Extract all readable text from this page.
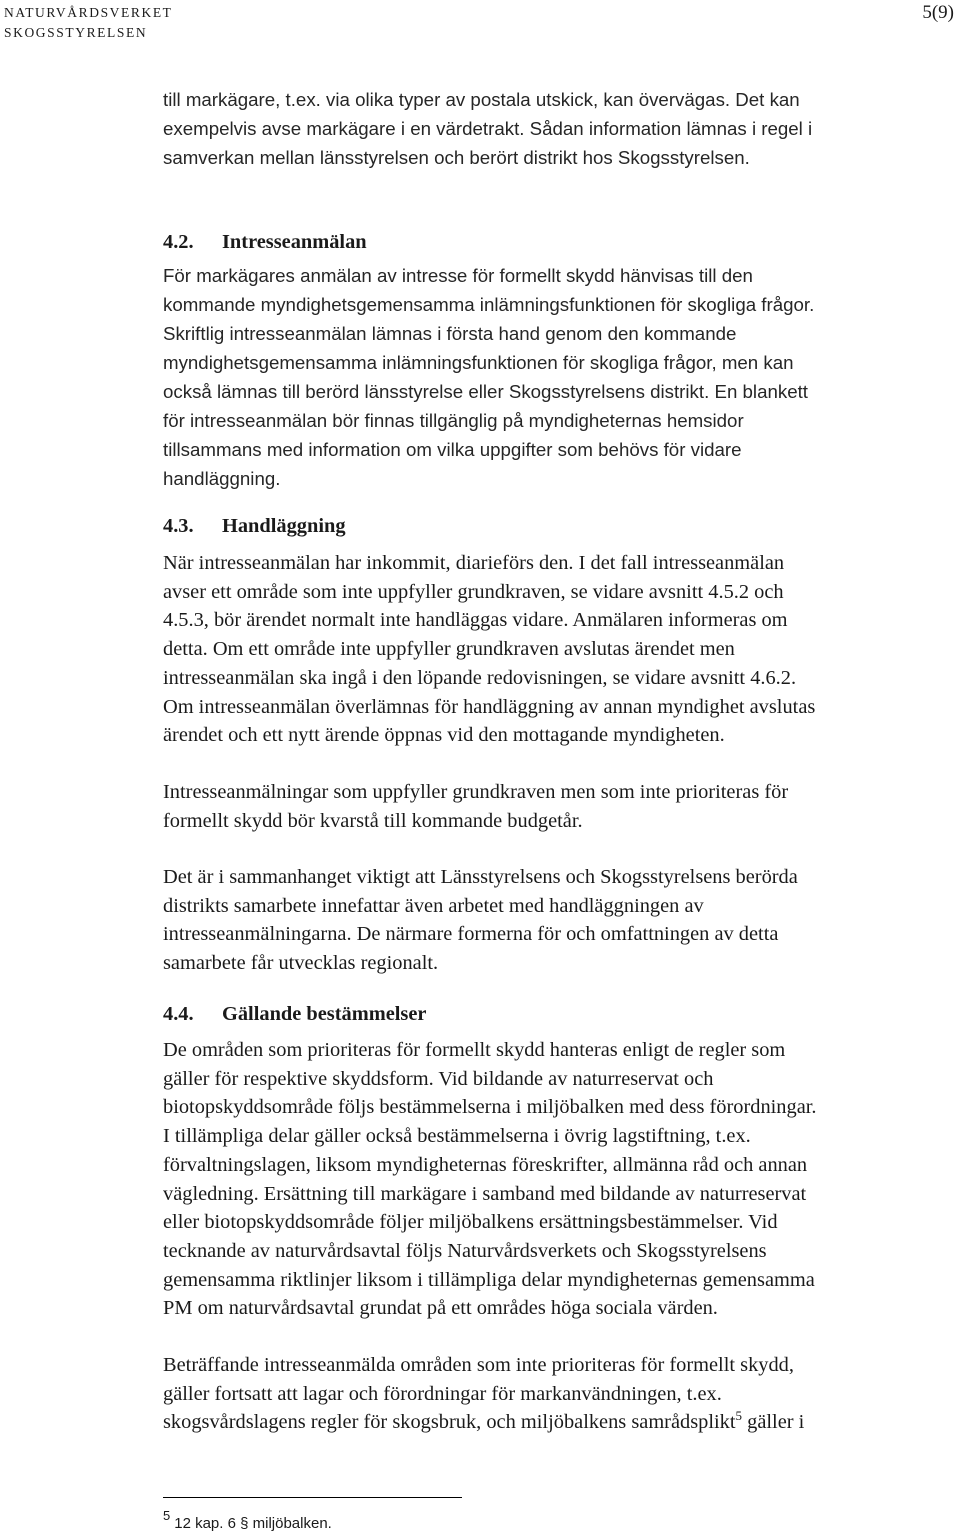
NATURVÅRDSVERKET
SKOGSSTYRELSEN
5(9)
till markägare, t.ex. via olika typer av postala utskick, kan övervägas. Det kan
exempelvis avse markägare i en värdetrakt. Sådan information lämnas i regel i
samverkan mellan länsstyrelsen och berört distrikt hos Skogsstyrelsen.
4.2. Intresseanmälan
För markägares anmälan av intresse för formellt skydd hänvisas till den
kommande myndighetsgemensamma inlämningsfunktionen för skogliga frågor.
Skriftlig intresseanmälan lämnas i första hand genom den kommande
myndighetsgemensamma inlämningsfunktionen för skogliga frågor, men kan
också lämnas till berörd länsstyrelse eller Skogsstyrelsens distrikt. En blankett
för intresseanmälan bör finnas tillgänglig på myndigheternas hemsidor
tillsammans med information om vilka uppgifter som behövs för vidare
handläggning.
4.3. Handläggning
När intresseanmälan har inkommit, diarieförs den. I det fall intresseanmälan
avser ett område som inte uppfyller grundkraven, se vidare avsnitt 4.5.2 och
4.5.3, bör ärendet normalt inte handläggas vidare. Anmälaren informeras om
detta. Om ett område inte uppfyller grundkraven avslutas ärendet men
intresseanmälan ska ingå i den löpande redovisningen, se vidare avsnitt 4.6.2.
Om intresseanmälan överlämnas för handläggning av annan myndighet avslutas
ärendet och ett nytt ärende öppnas vid den mottagande myndigheten.
Intresseanmälningar som uppfyller grundkraven men som inte prioriteras för
formellt skydd bör kvarstå till kommande budgetår.
Det är i sammanhanget viktigt att Länsstyrelsens och Skogsstyrelsens berörda
distrikts samarbete innefattar även arbetet med handläggningen av
intresseanmälningarna. De närmare formerna för och omfattningen av detta
samarbete får utvecklas regionalt.
4.4. Gällande bestämmelser
De områden som prioriteras för formellt skydd hanteras enligt de regler som
gäller för respektive skyddsform. Vid bildande av naturreservat och
biotopskyddsområde följs bestämmelserna i miljöbalken med dess förordningar.
I tillämpliga delar gäller också bestämmelserna i övrig lagstiftning, t.ex.
förvaltningslagen, liksom myndigheternas föreskrifter, allmänna råd och annan
vägledning. Ersättning till markägare i samband med bildande av naturreservat
eller biotopskyddsområde följer miljöbalkens ersättningsbestämmelser. Vid
tecknande av naturvårdsavtal följs Naturvårdsverkets och Skogsstyrelsens
gemensamma riktlinjer liksom i tillämpliga delar myndigheternas gemensamma
PM om naturvårdsavtal grundat på ett områdes höga sociala värden.
Beträffande intresseanmälda områden som inte prioriteras för formellt skydd,
gäller fortsatt att lagar och förordningar för markanvändningen, t.ex.
skogsvårdslagens regler för skogsbruk, och miljöbalkens samrådsplikt$^5$ gäller i
$^5$ 12 kap. 6 § miljöbalken.
